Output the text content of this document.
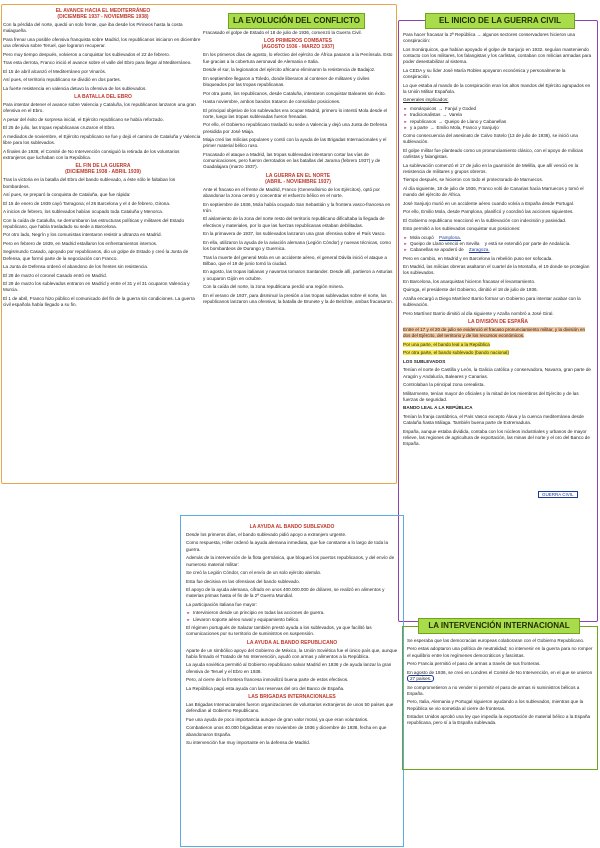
EL AVANCE HACIA EL MEDITERRÁNEO
(DICIEMBRE 1937 - NOVIEMBRE 1938)

Con la pérdida del norte, quedó un solo frente, que iba desde los Pirineos hasta la costa malagueña.

Para frenar una posible ofensiva franquista sobre Madrid, los republicanos iniciaron en diciembre una ofensiva sobre Teruel, que lograron recuperar.

Pero muy tiempo después, volvieron a conquistar los sublevados el 22 de febrero.

Tras esta derrota, Franco inició el avance sobre el valle del Ebro para llegar al Mediterráneo.

El 15 de abril alcanzó el Mediterráneo por Vinaròs.

Así pues, el territorio republicano se dividió en dos partes.

La fuerte resistencia en valencia detuvo la ofensiva de los sublevados.

LA BATALLA DEL EBRO

Para intentar detener el avance sobre Valencia y Cataluña, los republicanos lanzaron una gran ofensiva en el Ebro.

A pesar del éxito de sorpresa inicial, el Ejército republicano se había reforzado.

El 25 de julio, las tropas republicanas cruzaron el Ebro.

A mediados de noviembre, el Ejército republicano se fue y dejó el camino de Cataluña y Valencia libre para los sublevados.

A finales de 1938, el Comité de No Intervención consiguió la retirada de los voluntarios extranjeros que luchaban con la República.

EL FIN DE LA GUERRA
(DICIEMBRE 1938 - ABRIL 1939)

Tras la victoria en la batalla del Ebro del bando sublevado, a éste sólo le faltaban los bombardeos.

Así pues, se preparó la conquista de Cataluña, que fue rápida:

El 15 de enero de 1939 cayó Tarragona; el 26 Barcelona y el 4 de febrero, Girona.

A inicios de febrero, los sublevados habían ocupado toda Cataluña y Menorca.

Con la caída de Cataluña, se derrumbaron las estructuras políticas y militares del Estado republicano, que había trasladado su sede a Barcelona.

Por otro lado, Negrín y los comunistas intentaron resistir a ultranza en Madrid.

Pero en febrero de 1939, en Madrid estallaron los enfrentamientos internos.

Segismundo Casado, apoyado por republicanos, dio un golpe de Estado y creó la Junta de Defensa, que formó parte de la negociación con Franco.

La Junta de Defensa ordenó el abandono de los frentes sin resistencia.

El 28 de marzo el coronel Casado entró en Madrid.

El 29 de marzo los sublevados entraron en Madrid y entre el 31 y el 31 ocuparon Valencia y Murcia.

El 1 de abril, Franco hizo público el comunicado del fin de la guerra sin condiciones. La guerra civil española había llegado a su fin.

LA EVOLUCIÓN DEL CONFLICTO

Fracasado el golpe de Estado el 18 de julio de 1936, comenzó la Guerra Civil.

LOS PRIMEROS COMBATES
(AGOSTO 1936 - MARZO 1937)

En los primeros días de agosto, lo efectivo del ejército de África pasaron a la Península. Esto fue gracias a la cobertura aeronaval de Alemania e Italia.

Desde el sur, la legionarios del ejército africano eliminaron la resistencia de Badajoz.

En septiembre llegaron a Toledo, donde liberaron al contener de militares y civiles bloqueados por las tropas republicanas.

Por otra parte, los republicanos, desde Cataluña, intentaron conquistar Baleares sin éxito.

Hasta noviembre, ambos bandos trataron de consolidar posiciones.

El principal objetivo de los sublevados era ocupar Madrid, primero lo intentó Mola desde el norte, luego las tropas sublevadas fueron frenadas.

Por ello, el Gobierno republicano trasladó su sede a Valencia y dejó una Junta de Defensa presidida por José Miaja.

Miaja creó las milicias populares y contó con la ayuda de las Brigadas Internacionales y el primer material bélico ruso.

Fracasado el ataque a Madrid, las tropas sublevadas intentaron cortar las vías de comunicaciones, pero fueron derrotados en las batallas del Jarama (febrero 1937) y de Guadalajara (marzo 1937).

LA GUERRA EN EL NORTE
(ABRIL - NOVIEMBRE 1937)

Ante el fracaso en el frente de Madrid, Franco (Generalísimo de los Ejércitos), optó por abandonar la zona centro y concentrar el esfuerzo bélico en el norte.

En septiembre de 1936, Mola había ocupado San Sebastián y la frontera vasco-francesa en Irún.

El aislamiento de la zona del norte resto del territorio republicano dificultaba la llegada de efectivos y materiales, por lo que las fuerzas republicanas estaban debilitadas.

En la primavera de 1937, los sublevados lanzaron una gran ofensiva sobre el País Vasco.

En ella, utilizaron la ayuda de la aviación alemana (Legión Cóndor) y nuevas técnicas, como los bombardeos de Durango y Guernica.

Tras la muerte del general Mola en un accidente aéreo, el general Dávila inició el ataque a Bilbao, que el 19 de junio tomó la ciudad.

En agosto, las tropas italianas y navarras tomaron Santander. Desde allí, partieron a Asturias y ocuparon Gijón en octubre.

Con la caída del norte, la zona republicana perdió una región minera.

En el verano de 1937, para disminuir la presión a las tropas sublevadas sobre el norte, los republicanos lanzaron una ofensiva; la batalla de Brunete y la de Belchite, ambas fracasaron.

EL INICIO DE LA GUERRA CIVIL

Para hacer fracasar la 2ª República → algunos sectores conservadores hicieron una conspiración:

Los monárquicos, que habían apoyado el golpe de Sanjurjo en 1932, seguían manteniendo contacto con los militares, los falangistas y los carlistas, contaban con milicias armadas para poder desestabilizar al sistema.

La CEDA y su líder José María Robles apoyaron económica y personalmente la conspiración.

Lo que estaba al mando de la conspiración eran los altos mandos del Ejército agrupados en la Unión Militar Española.

Generales implicados:

▸ monárquicos → Fanjul y Goded
▸ tradicionalistas → Varela
▸ republicanos → Queipo de Llano y Cabanellas
▸ y a parte → Emilio Mola, Franco y Sanjurjo

Como consecuencia del asesinato de Calvo Sotelo (13 de julio de 1936), se inició una sublevación.

El golpe militar fue planteado como un pronunciamiento clásico, con el apoyo de milicias carlistas y falangistas.

La sublevación comenzó el 17 de julio en la guarnición de Melilla, que allí venció en la resistencia de militares y grupos obreros.

Tiempo después, se hicieron con todo el protectorado de Marruecos.

Al día siguiente, 18 de julio de 1936, Franco voló de Canarias hacia Marruecos y tomó el mando del ejército de África.

José Sanjurjo murió en un accidente aéreo cuando volvía a España desde Portugal.

Por ello, Emilio Mola, desde Pamplona, planificó y coordinó las acciones siguientes.

El Gobierno republicano reaccionó en la sublevación con indecisión y pasividad.

Esto permitió a los sublevados conquistar sus posiciones:

▸ Mola ocupó
Pamplona.
▸ Queipo de Llano venció en Sevilla
y está se extendió por parte de Andalucía.
▸ Cabanellas se apoderó de
Zaragoza.

Pero en cambio, en Madrid y en Barcelona la rebelión puso ser sofocada.

En Madrid, las milicias obreras asaltaron el cuartel de la Montaña, el 19 donde se protegían los sublevados.

En Barcelona, los anarquistas hicieron fracasar el levantamiento.

Quiroga, el presidente del Gobierno, dimitió el 18 de julio de 1936.

Azaña encargó a Diego Martínez Barrio formar un Gobierno para intentar acabar con la sublevación.

Pero Martínez Barrio dimitió al día siguiente y Azaña nombró a José Giral.

LA DIVISIÓN DE ESPAÑA

Entre el 17 y el 20 de julio se evidenció el fracaso pronunciamiento militar, y la división en dos del Ejército, del territorio y de los recursos económicos.

Por una parte, el bando leal a la República

Por otra parte, el bando sublevado (bando nacional)

LOS SUBLEVADOS

Tenían el norte de Castilla y León, la Galicia católica y conservadora, Navarra, gran parte de Aragón y Andalucía, Baleares y Canarias.

Controlaban la principal zona cerealista.

Militarmente, tenían mayor de oficiales y la mitad de los miembros del Ejército y de las fuerzas de seguridad.

BANDO LEAL A LA REPÚBLICA

Tenían la franja cantábrica, el País Vasco excepto Álava y la cuenca mediterránea desde Cataluña hasta Málaga. También buena parte de Extremadura.

España, aunque estaba dividida, contaba con los núcleos industriales y urbanos de mayor relieve, las regiones de agricultura de exportación, las minas del norte y el oro del Banco de España.

GUERRA CIVIL
LA AYUDA AL BANDO SUBLEVADO

Desde los primeros días, el bando sublevado pidió apoyo a extranjero urgente.

Como respuesta, Hitler ordenó la ayuda alemana inmediata, que fue constante a lo largo de toda la guerra.

Además de la intervención de la flota germánica, que bloqueó los puertos republicanos, y del envío de numeroso material militar:

Se creó la Legión Cóndor, con el envío de un solo ejército alemán.

Esta fue decisiva en las ofensivas del bando sublevado.

El apoyo de la ayuda alemana, cifrado en unos 400.000.000 de dólares, se realizó en alimentos y materias primas hasta el fin de la 2ª Guerra Mundial.

La participación italiana fue mayor:

▸ Intervinieron desde un principio en todas las acciones de guerra.
▸ Llevaron soporte aéreo naval y equipamiento bélico.

El régimen portugués de Salazar también prestó ayuda a los sublevados, ya que facilitó las comunicaciones por su territorio de suministros en suspensión.

LA AYUDA AL BANDO REPUBLICANO

Aparte de un simbólico apoyo del Gobierno de México, la Unión Soviética fue el único país que, aunque había firmado el Tratado de No Intervención, ayudó con armas y alimentos a la República.

La ayuda soviética permitió al Gobierno republicano salvar Madrid en 1936 y de ayuda lanzar la gran ofensiva de Teruel y el Ebro en 1938.

Pero, al cierre de la frontera francesa inmovilizó buena parte de estos efectivos.

La República pagó esta ayuda con las reservas del oro del Banco de España.

LAS BRIGADAS INTERNACIONALES

Las Brigadas Internacionales fueron organizaciones de voluntarios extranjeros de unos 50 países que defendían al Gobierno Republicano.

Fue una ayuda de poco importancia aunque de gran valor moral, ya que eran voluntarios.

Combatieron unos 40.000 brigadistas entre noviembre de 1936 y diciembre de 1938, fecha en que abandonaron España.

Su intervención fue muy importante en la defensa de Madrid.

LA INTERVENCIÓN INTERNACIONAL

Se esperaba que las democracias europeas colaboraran con el Gobierno Republicano.

Pero estas adoptaron una política de neutralidad; no intervenir en la guerra para no romper el equilibrio entre los regímenes democráticos y fascistas.

Pero Francia permitió el paso de armas a través de sus fronteras.

En agosto de 1936, se creó en Londres el Comité de No Intervención, en el que se unieron 27 países.

Se comprometieron a no vender ni permitir el paso de armas ni suministros bélicos a España.

Pero, Italia, Alemania y Portugal siguieron ayudando a los sublevados, mientras que la República se vio sometida al cierre de fronteras.

Estados Unidos aprobó una ley que impedía la exportación de material bélico a la España republicana, pero sí a la España sublevada.
